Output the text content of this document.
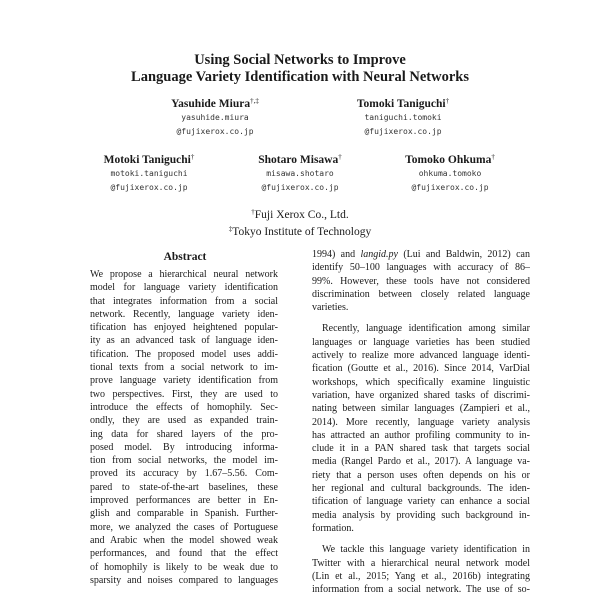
Using Social Networks to Improve
Language Variety Identification with Neural Networks
Yasuhide Miura†,‡
yasuhide.miura
@fujixerox.co.jp
Tomoki Taniguchi†
taniguchi.tomoki
@fujixerox.co.jp
Motoki Taniguchi†
motoki.taniguchi
@fujixerox.co.jp
Shotaro Misawa†
misawa.shotaro
@fujixerox.co.jp
Tomoko Ohkuma†
ohkuma.tomoko
@fujixerox.co.jp
†Fuji Xerox Co., Ltd.
‡Tokyo Institute of Technology
Abstract
We propose a hierarchical neural network
model for language variety identification
that integrates information from a social
network. Recently, language variety iden-
tification has enjoyed heightened popular-
ity as an advanced task of language iden-
tification. The proposed model uses addi-
tional texts from a social network to im-
prove language variety identification from
two perspectives. First, they are used to
introduce the effects of homophily. Sec-
ondly, they are used as expanded train-
ing data for shared layers of the pro-
posed model. By introducing informa-
tion from social networks, the model im-
proved its accuracy by 1.67–5.56. Com-
pared to state-of-the-art baselines, these
improved performances are better in En-
glish and comparable in Spanish. Further-
more, we analyzed the cases of Portuguese
and Arabic when the model showed weak
performances, and found that the effect
of homophily is likely to be weak due to
sparsity and noises compared to languages
1994) and langid.py (Lui and Baldwin, 2012) can
identify 50–100 languages with accuracy of 86–
99%. However, these tools have not considered
discrimination between closely related language
varieties.
Recently, language identification among similar
languages or language varieties has been studied
actively to realize more advanced language identi-
fication (Goutte et al., 2016). Since 2014, VarDial
workshops, which specifically examine linguistic
variation, have organized shared tasks of discrimi-
nating between similar languages (Zampieri et al.,
2014). More recently, language variety analysis
has attracted an author profiling community to in-
clude it in a PAN shared task that targets social
media (Rangel Pardo et al., 2017). A language va-
riety that a person uses often depends on his or
her regional and cultural backgrounds. The iden-
tification of language variety can enhance a social
media analysis by providing such background in-
formation.
We tackle this language variety identification in
Twitter with a hierarchical neural network model
(Lin et al., 2015; Yang et al., 2016b) integrating
information from a social network. The use of so-
